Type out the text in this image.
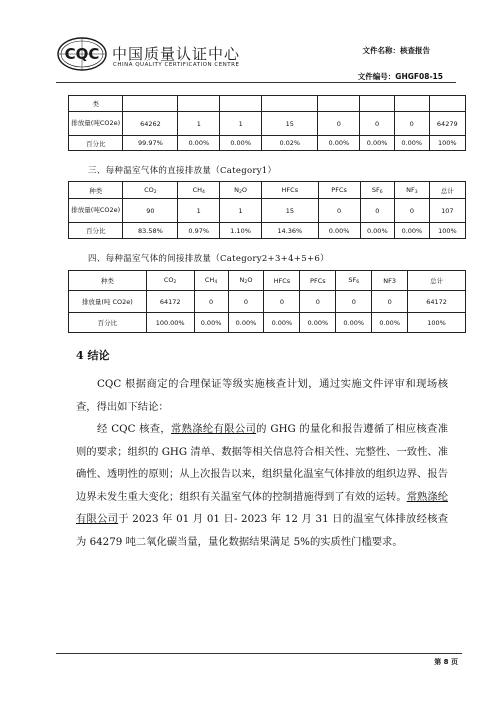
CQC 中国质量认证中心
CHINA QUALITY CERTIFICATION CENTRE
文件名称：核查报告
文件编号：GHGF08-15
类								
排放量(吨CO2e)	64262	1	1	15	0	0	0	64279
百分比	99.97%	0.00%	0.00%	0.02%	0.00%	0.00%	0.00%	100%
三、每种温室气体的直接排放量（Category1）
种类	$CO_2$	$CH_4$	$N_2O$	HFCs	PFCs	$SF_6$	$NF_3$	总计
排放量(吨CO2e)	90	1	1	15	0	0	0	107
百分比	83.58%	0.97%	1.10%	14.36%	0.00%	0.00%	0.00%	100%
四、每种温室气体的间接排放量（Category2+3+4+5+6）
种类	$CO_2$	$CH_4$	$N_2O$	HFCs	PFCs	$SF_6$	NF3	总计
排放量(吨 CO2e)	64172	0	0	0	0	0	0	64172
百分比	100.00%	0.00%	0.00%	0.00%	0.00%	0.00%	0.00%	100%
4 结论

CQC 根据商定的合理保证等级实施核查计划，通过实施文件评审和现场核查，得出如下结论：

经 CQC 核查，常熟涤纶有限公司的 GHG 的量化和报告遵循了相应核查准则的要求；组织的 GHG 清单、数据等相关信息符合相关性、完整性、一致性、准确性、透明性的原则；从上次报告以来，组织量化温室气体排放的组织边界、报告边界未发生重大变化；组织有关温室气体的控制措施得到了有效的运转。常熟涤纶有限公司于 2023 年 01 月 01 日- 2023 年 12 月 31 日的温室气体排放经核查为 64279 吨二氧化碳当量，量化数据结果满足 5%的实质性门槛要求。

第 8 页
